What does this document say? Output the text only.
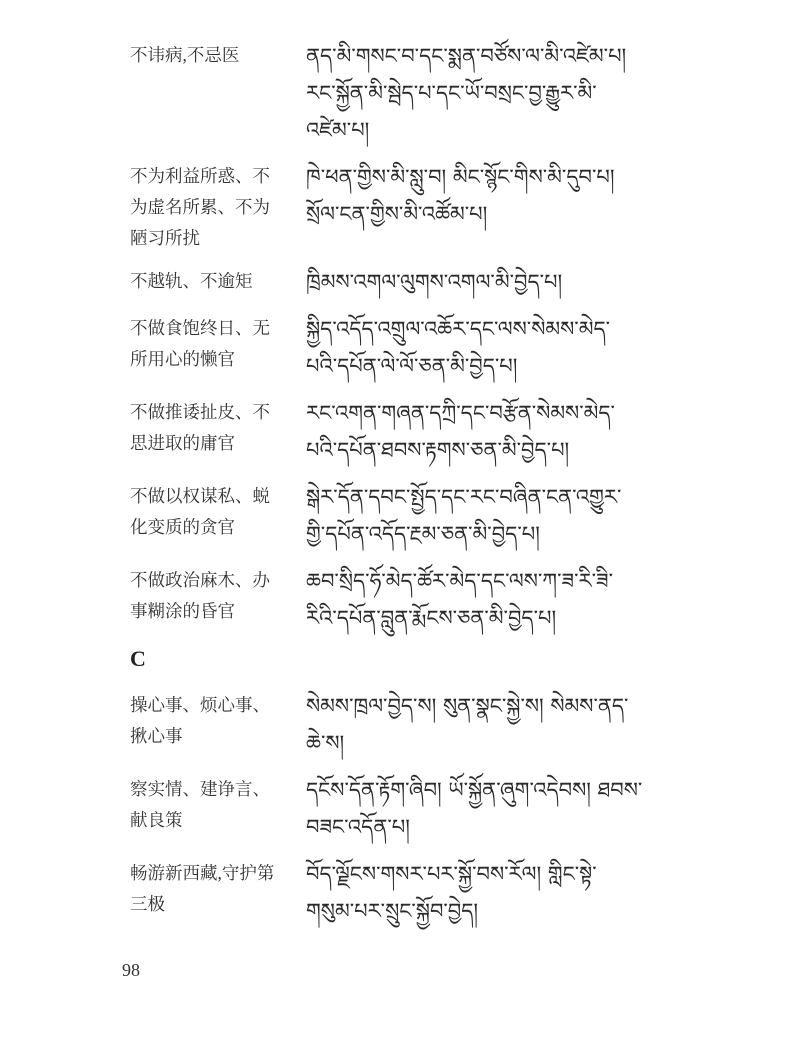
不讳病,不忌医	ནད་མི་གསང་བ་དང་སྨན་བཙོས་ལ་མི་འཛེམ་པ།
རང་སྐྱོན་མི་སྦེད་པ་དང་ཡོ་བསྲང་བྱ་རྒྱུར་མི་
འཛེམ་པ།
不为利益所惑、不
为虚名所累、不为
陋习所扰
ཁེ་ཕན་གྱིས་མི་སླུ་བ། མིང་སྙོང་གིས་མི་དུབ་པ།
སྲོལ་ངན་གྱིས་མི་འཚོམ་པ།
不越轨、不逾矩	ཁྲིམས་འགལ་ལུགས་འགལ་མི་བྱེད་པ།
不做食饱终日、无
所用心的懒官
སྐྱིད་འདོད་འགྲུལ་འཆོར་དང་ལས་སེམས་མེད་
པའི་དཔོན་ལེ་ལོ་ཅན་མི་བྱེད་པ།
不做推诿扯皮、不
思进取的庸官
རང་འགན་གཞན་དཀྲི་དང་བརྩོན་སེམས་མེད་
པའི་དཔོན་ཐབས་རྟགས་ཅན་མི་བྱེད་པ།
不做以权谋私、蜕
化变质的贪官
སྒེར་དོན་དབང་སྤྱོད་དང་རང་བཞིན་ངན་འགྱུར་
གྱི་དཔོན་འདོད་རྔམ་ཅན་མི་བྱེད་པ།
不做政治麻木、办
事糊涂的昏官
ཆབ་སྲིད་ཧོ་མེད་ཚོར་མེད་དང་ལས་ཀ་ཟ་རི་ཟི་
རིའི་དཔོན་བླུན་རྨོངས་ཅན་མི་བྱེད་པ།
C
操心事、烦心事、
揪心事
སེམས་ཁྲལ་བྱེད་ས། སུན་སྣང་སྐྱེ་ས། སེམས་ནད་
ཆེ་ས།
察实情、建诤言、
献良策
དངོས་དོན་རྟོག་ཞིབ། ཡོ་སྐྱོན་ཞུག་འདེབས། ཐབས་
བཟང་འདོན་པ།
畅游新西藏,守护第
三极
བོད་ལྗོངས་གསར་པར་སྐྱོ་བས་རོལ། གླིང་སྟེ་
གསུམ་པར་སྲུང་སྐྱོབ་བྱེད།
98
